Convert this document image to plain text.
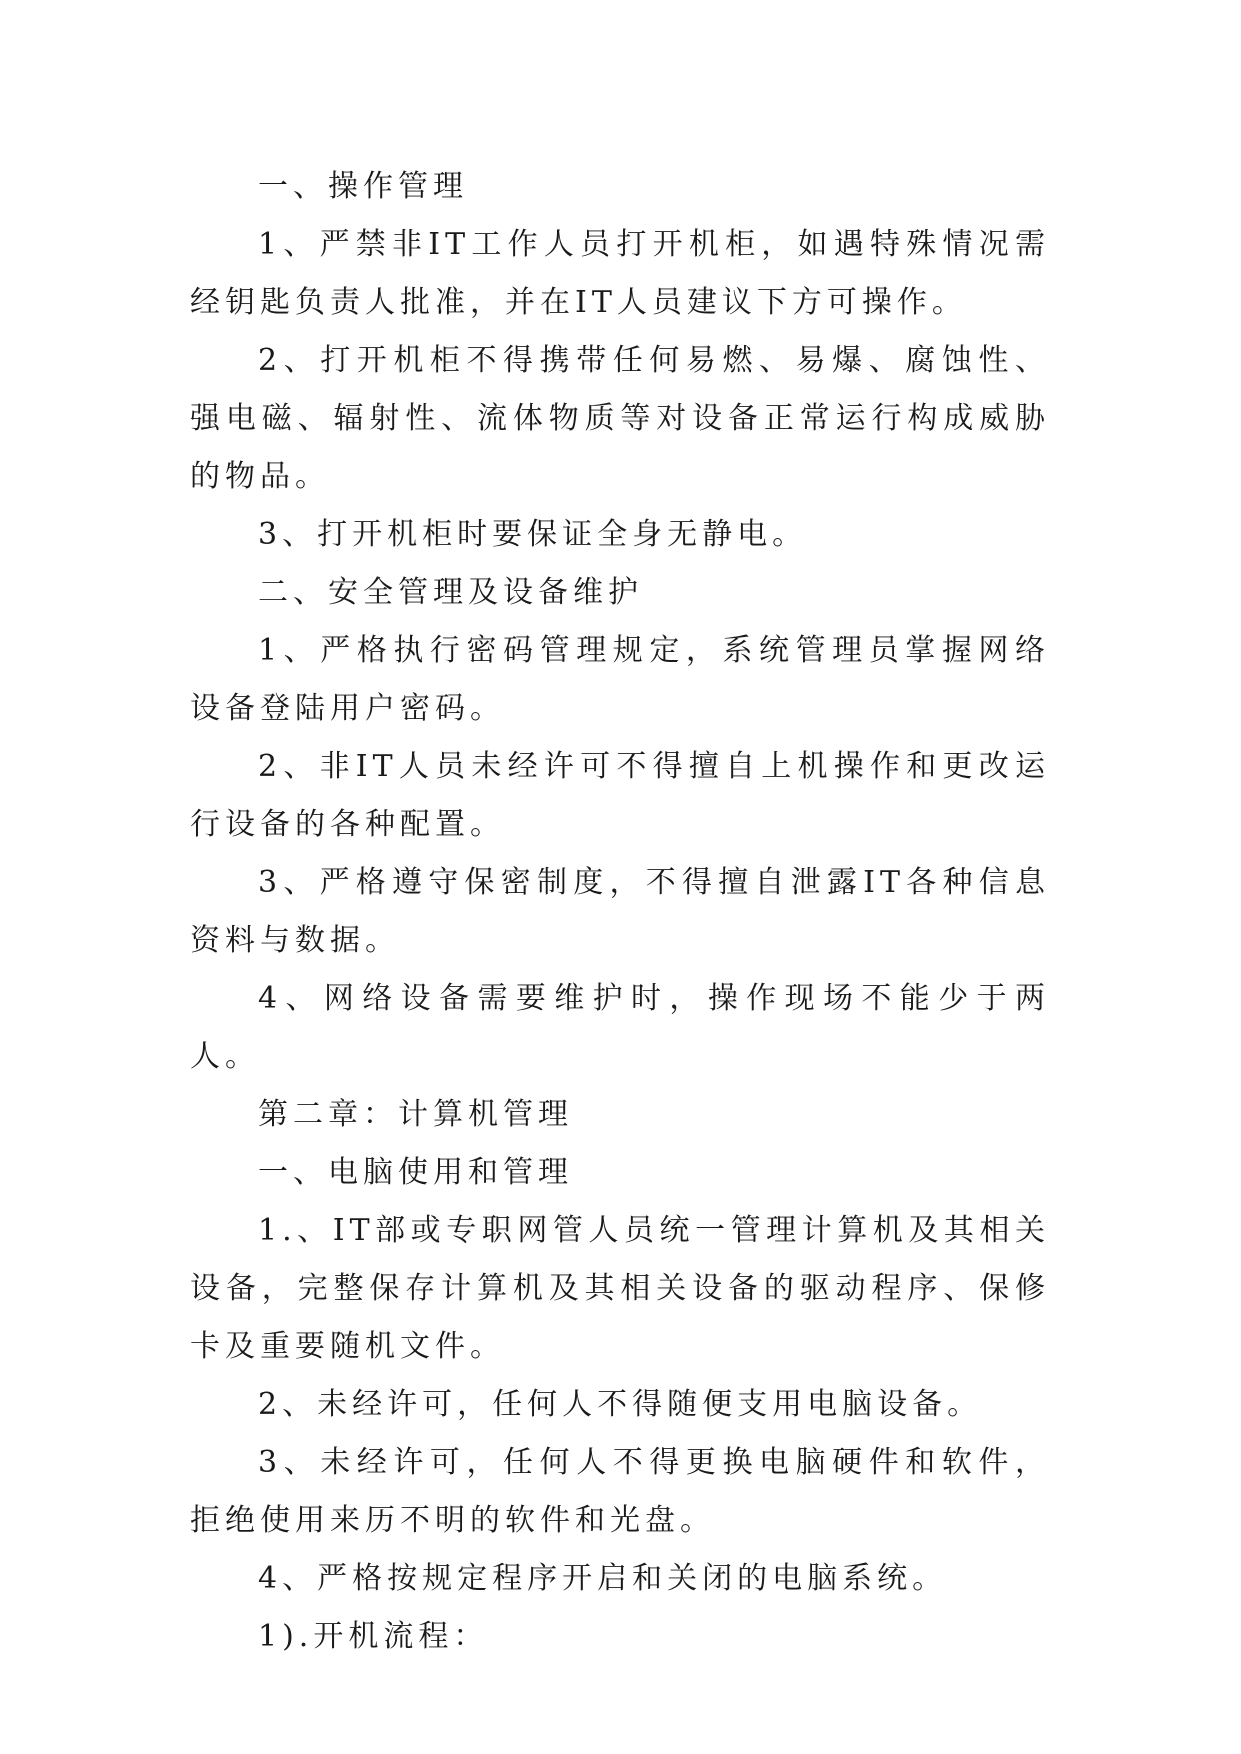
一、操作管理

1、严禁非IT工作人员打开机柜，如遇特殊情况需经钥匙负责人批准，并在IT人员建议下方可操作。

2、打开机柜不得携带任何易燃、易爆、腐蚀性、强电磁、辐射性、流体物质等对设备正常运行构成威胁的物品。

3、打开机柜时要保证全身无静电。

二、安全管理及设备维护

1、严格执行密码管理规定，系统管理员掌握网络设备登陆用户密码。

2、非IT人员未经许可不得擅自上机操作和更改运行设备的各种配置。

3、严格遵守保密制度，不得擅自泄露IT各种信息资料与数据。

4、网络设备需要维护时，操作现场不能少于两人。

第二章：计算机管理

一、电脑使用和管理

1.、IT部或专职网管人员统一管理计算机及其相关设备，完整保存计算机及其相关设备的驱动程序、保修卡及重要随机文件。

2、未经许可，任何人不得随便支用电脑设备。

3、未经许可，任何人不得更换电脑硬件和软件，拒绝使用来历不明的软件和光盘。

4、严格按规定程序开启和关闭的电脑系统。

1).开机流程：
